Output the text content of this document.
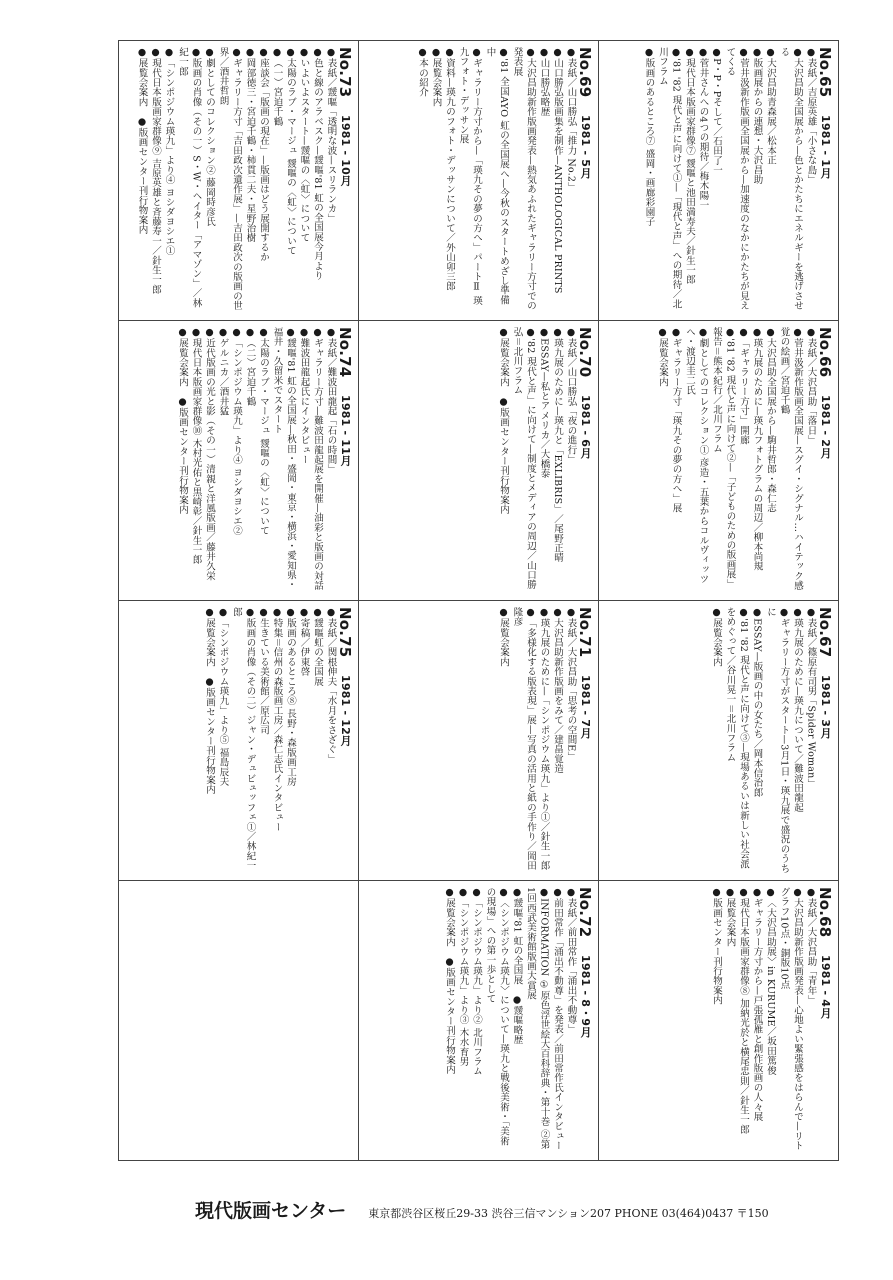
No.65　1981 ‐ 1月
●表紙／吉原英雄「小さな島」
●大沢昌助全国展から—色とかたちにエネルギーを逃げさせる
●大沢昌助青森展／松本正
●版画展からの連想・大沢昌助
●菅井汲新作版画全国展から—加速度のなかにかたちが見えてくる
●P・P・Pそして／石田了一
●菅井さんへの4つの期待／梅木陽一
●現代日本版画家群像⑦ 靉嘔と池田満寿夫／針生一郎
●'81 '82 現代と声に向けて①—「現代と声」への期待／北川フラム
●版画のあるところ⑦ 盛岡・画廊彩園子
No.69　1981 ‐ 5月
●表紙／山口勝弘「推力 No.2」
●山口勝弘版画集を制作—ANTHOLOGICAL PRINTS
●山口勝弘略歴
●大沢昌助新作版画発表—熱気あふれたギャラリー方寸での発表展
●'81 全国AYO 虹の全国展へ—今秋のスタートめざし準備中
●ギャラリー方寸から—「瑛九その夢の方へ」パートⅡ 瑛九フォト・デッサン展
●資料—瑛九のフォト・デッサンについて／外山卯三郎
●展覧会案内
●本の紹介
No.73　1981 ‐ 10月
●表紙／靉嘔「透明な波—スリランカ」
●色と線のアラベスク—靉嘔'81 虹の全国展今月より
●いよいよスタート—靉嘔の〈虹〉について
●太陽のラブ・マージュ 靉嘔の〈虹〉について
●（一）宮迫千鶴
●座談会「版画の現在」—版画はどう展開するか
●岡部徳三・宮迫千鶴・柿貫二夫・星野治樹
●ギャラリー方寸「吉田政次遺作展」—吉田政次の版画の世界／酒井哲朗
●劇としてのコレクション② 藤岡時彦氏
●版画の肖像（その一）S・W・ヘイター「アマゾン」／林紀一郎
●「シンポジウム瑛九」より④ ヨシダヨシエ①
●現代日本版画家群像⑨ 吉原英雄と斉藤寿一／針生一郎
●展覧会案内　●版画センター刊行物案内
No.66　1981 ‐ 2月
●表紙／大沢昌助「落日」
●菅井汲新作版画全国展—スグイ・シグナル…ハイテック感覚の絵画／宮迫千鶴
●大沢昌助全国展から—駒井哲郎・森仁志
●瑛九展のために—瑛九フォトグラムの周辺／柳本尚規
●「ギャラリー方寸」開廊
●'81 '82 現代と声に向けて②—「子どものための版画展」報告＝熊本紀行／北川フラム
●劇としてのコレクション① 彦造・五葉からコルヴィッツへ・渡辺圭二氏
●ギャラリー方寸「瑛九その夢の方へ」展
●展覧会案内
No.70　1981 ‐ 6月
●表紙／山口勝弘「夜の進行」
●瑛九展のために—瑛九と「EXLIBRIS」／尾野正晴
●ESSAY—私とアメリカ／大橋泰
●'82 現代と声」に向けて—制度とメディアの周辺／山口勝弘＝北川フラム
●展覧会案内　●版画センター刊行物案内
No.74　1981 ‐ 11月
●表紙／難波田龍起「石の時間」
●ギャラリー方寸—難波田龍起展を開催—油彩と版画の対話
●難波田龍起氏にインタビュー
●靉嘔'81 虹の全国展—秋田・盛岡・東京・横浜・愛知県・福井・久留米でスタート
●太陽のラブ・マージュ 靉嘔の〈虹〉について
●（二）宮迫千鶴
●「シンポジウム瑛九」より④ ヨシダヨシエ②
●ゲルニカ／酒井猛
●近代版画の光と影（その一）清親と洋風版画／藤井久栄
●現代日本版画家群像⑩ 木村光佑と黒崎彰／針生一郎
●展覧会案内　●版画センター刊行物案内
No.67　1981 ‐ 3月
●表紙／篠原有司男「Spider Woman」
●瑛九展のために—瑛九について／難波田龍起
●ギャラリー方寸がスタート—3月1日・瑛九展で盛況のうちに
●ESSAY—版画の中の女たち／岡本信治郎
●'81 '82 現代と声に向けて③—現場あるいは新しい社会派をめぐって／谷川晃一＝北川フラム
●展覧会案内
No.71　1981 ‐ 7月
●表紙／大沢昌助「思考の空間E」
●大沢昌助新作版画をみて／建畠覚造
●瑛九展のために—「シンポジウム瑛九」より①／針生一郎
●「多様化する版表現」展—写真の活用と紙の手作り／岡田隆彦
●展覧会案内
No.75　1981 ‐ 12月
●表紙／関根伸夫「水月をさざぐ」
●靉嘔虹の全国展
●寄稿／伊東啓
●版画のあるところ⑧ 長野・森版画工房
●特集＝信州の森版画工房／森仁志氏インタビュー
●生きている美術館／原広司
●版画の肖像（その二）ジャン・デュビュッフェ①／林紀一郎
●「シンポジウム瑛九」より⑤ 福島辰夫
●展覧会案内　●版画センター刊行物案内
No.68　1981 ‐ 4月
●表紙／大沢昌助「青年」
●大沢昌助新作版画発表—心地よい緊張感をはらんで—リトグラフ10点・銅版10点
●〈大沢昌助展〉in KURUME／坂田篤俊
●ギャラリー方寸から—戸張孤雁と創作版画の人々展
●現代日本版画家群像⑧ 加納光於と横尾忠則／針生一郎
●展覧会案内
●版画センター刊行物案内
No.72　1981 ‐ 8・9月
●表紙／前田常作「涌出不動尊」
●前田常作「涌出不動尊」を発表／前田常作氏インタビュー
●INFORMATION ①原色浮世絵大百科辞典・第十巻 ②第1回西武美術館版画大賞展
●靉嘔'81 虹の全国展　●靉嘔略歴
●〈シンポジウム瑛九〉について—瑛九と戦後美術・「美術の現場」への第一歩として
●「シンポジウム瑛九」より② 北川フラム
●「シンポジウム瑛九」より③ 木水育男
●展覧会案内　●版画センター刊行物案内
現代版画センター 東京都渋谷区桜丘29‐33 渋谷三信マンション207 PHONE 03(464)0437 〒150
